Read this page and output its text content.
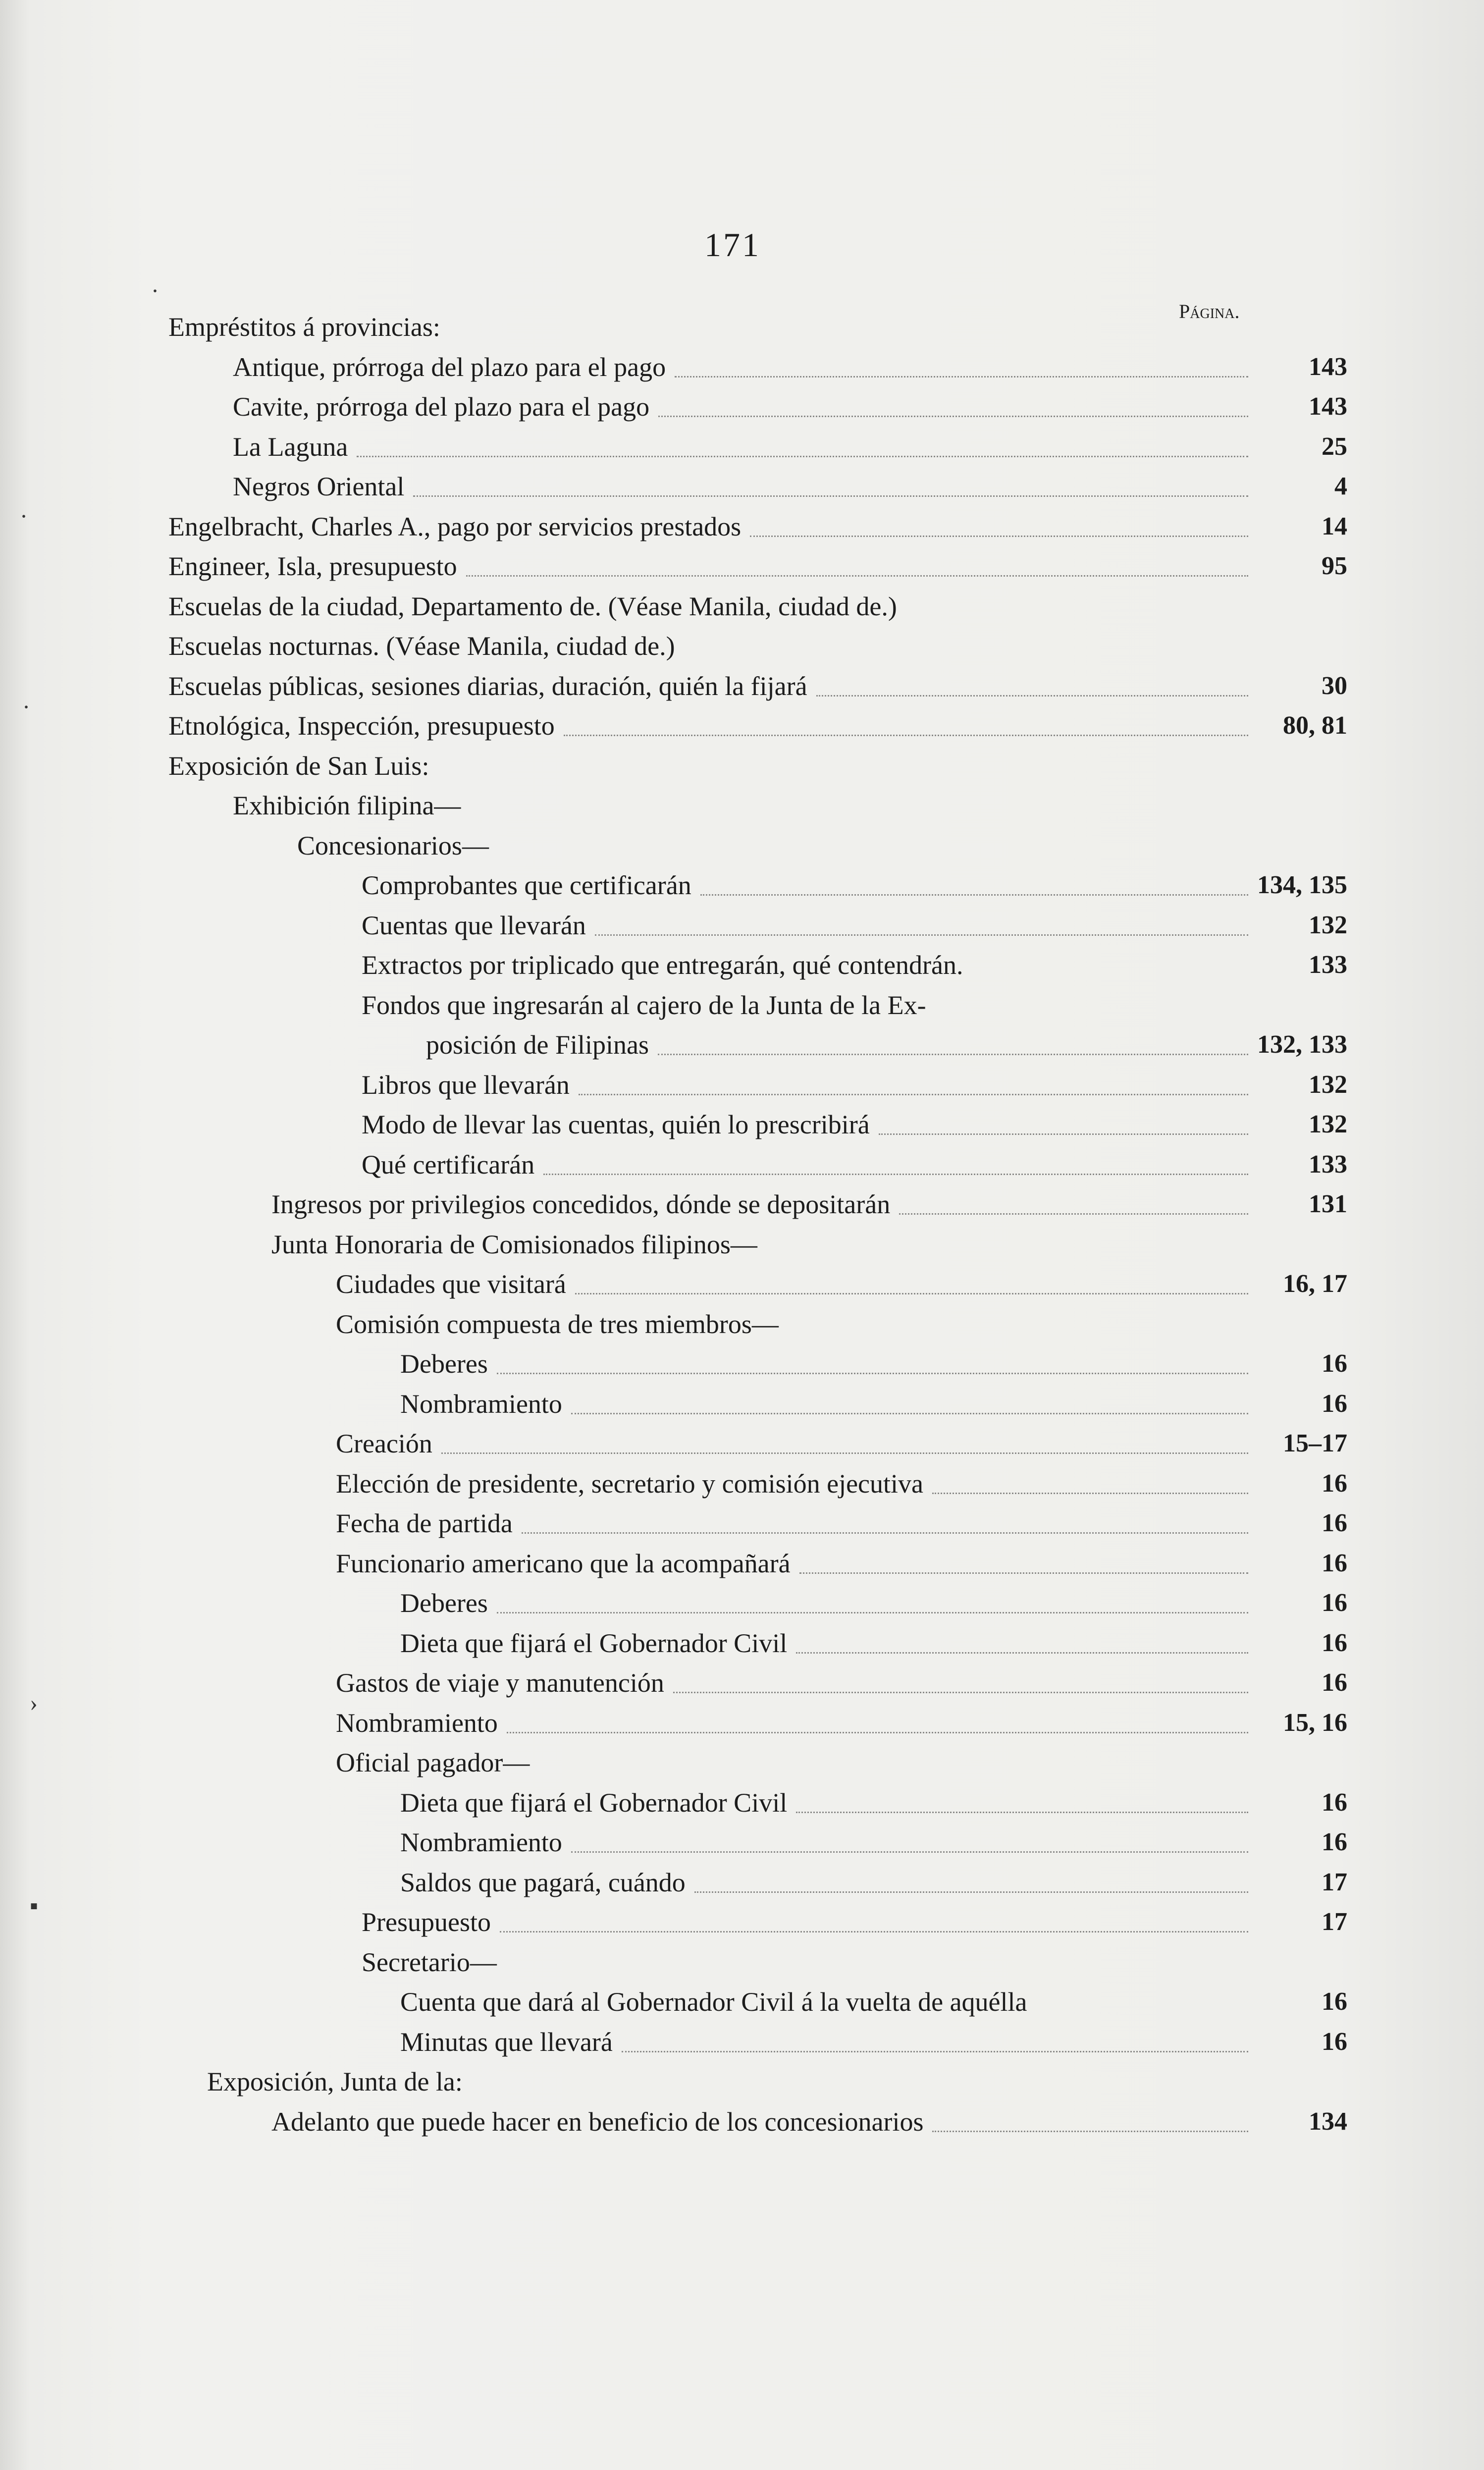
171
Página.
Empréstitos á provincias:
Antique, prórroga del plazo para el pago	143
Cavite, prórroga del plazo para el pago	143
La Laguna	25
Negros Oriental	4
Engelbracht, Charles A., pago por servicios prestados	14
Engineer, Isla, presupuesto	95
Escuelas de la ciudad, Departamento de. (Véase Manila, ciudad de.)
Escuelas nocturnas. (Véase Manila, ciudad de.)
Escuelas públicas, sesiones diarias, duración, quién la fijará	30
Etnológica, Inspección, presupuesto	80, 81
Exposición de San Luis:
Exhibición filipina—
Concesionarios—
Comprobantes que certificarán	134, 135
Cuentas que llevarán	132
Extractos por triplicado que entregarán, qué contendrán.	133
Fondos que ingresarán al cajero de la Junta de la Ex-
posición de Filipinas	132, 133
Libros que llevarán	132
Modo de llevar las cuentas, quién lo prescribirá	132
Qué certificarán	133
Ingresos por privilegios concedidos, dónde se depositarán	131
Junta Honoraria de Comisionados filipinos—
Ciudades que visitará	16, 17
Comisión compuesta de tres miembros—
Deberes	16
Nombramiento	16
Creación	15–17
Elección de presidente, secretario y comisión ejecutiva	16
Fecha de partida	16
Funcionario americano que la acompañará	16
Deberes	16
Dieta que fijará el Gobernador Civil	16
Gastos de viaje y manutención	16
Nombramiento	15, 16
Oficial pagador—
Dieta que fijará el Gobernador Civil	16
Nombramiento	16
Saldos que pagará, cuándo	17
Presupuesto	17
Secretario—
Cuenta que dará al Gobernador Civil á la vuelta de aquélla	16
Minutas que llevará	16
Exposición, Junta de la:
Adelanto que puede hacer en beneficio de los concesionarios	134
·
·
·
›
▪
